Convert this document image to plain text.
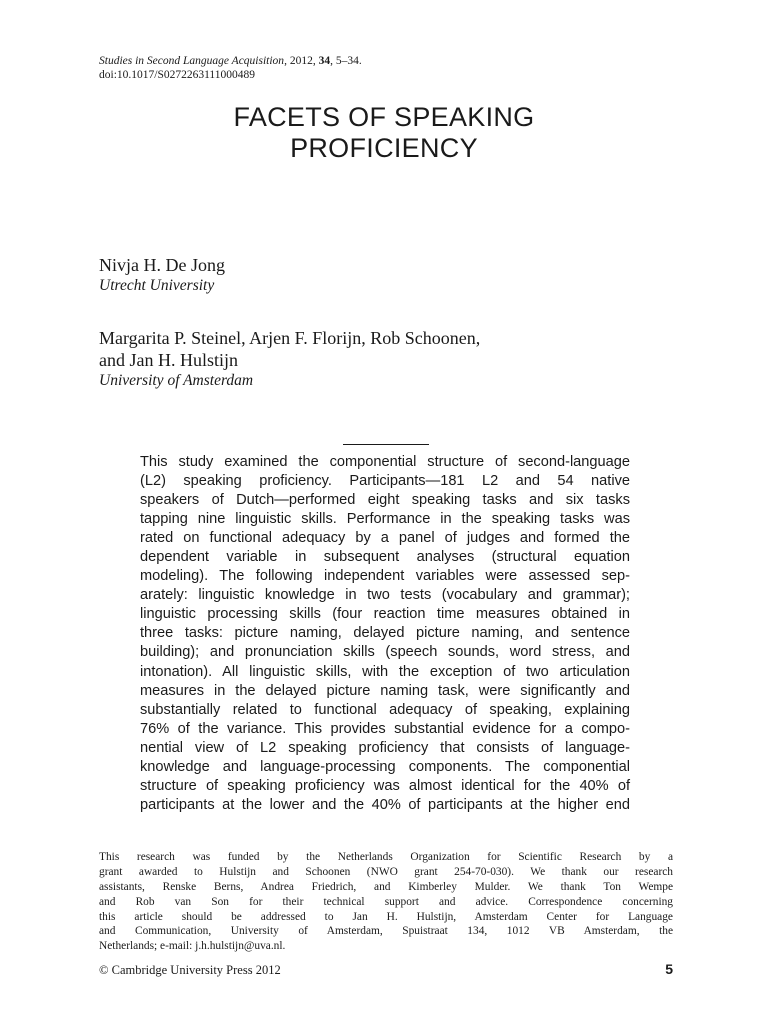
Studies in Second Language Acquisition, 2012, 34, 5–34.
doi:10.1017/S0272263111000489
FACETS OF SPEAKING
PROFICIENCY
Nivja H. De Jong
Utrecht University
Margarita P. Steinel, Arjen F. Florijn, Rob Schoonen,
and Jan H. Hulstijn
University of Amsterdam
This study examined the componential structure of second-language
(L2) speaking proficiency. Participants—181 L2 and 54 native
speakers of Dutch—performed eight speaking tasks and six tasks
tapping nine linguistic skills. Performance in the speaking tasks was
rated on functional adequacy by a panel of judges and formed the
dependent variable in subsequent analyses (structural equation
modeling). The following independent variables were assessed sep-
arately: linguistic knowledge in two tests (vocabulary and grammar);
linguistic processing skills (four reaction time measures obtained in
three tasks: picture naming, delayed picture naming, and sentence
building); and pronunciation skills (speech sounds, word stress, and
intonation). All linguistic skills, with the exception of two articulation
measures in the delayed picture naming task, were significantly and
substantially related to functional adequacy of speaking, explaining
76% of the variance. This provides substantial evidence for a compo-
nential view of L2 speaking proficiency that consists of language-
knowledge and language-processing components. The componential
structure of speaking proficiency was almost identical for the 40% of
participants at the lower and the 40% of participants at the higher end
This research was funded by the Netherlands Organization for Scientific Research by a
grant awarded to Hulstijn and Schoonen (NWO grant 254-70-030). We thank our research
assistants, Renske Berns, Andrea Friedrich, and Kimberley Mulder. We thank Ton Wempe
and Rob van Son for their technical support and advice. Correspondence concerning
this article should be addressed to Jan H. Hulstijn, Amsterdam Center for Language
and Communication, University of Amsterdam, Spuistraat 134, 1012 VB Amsterdam, the
Netherlands; e-mail: j.h.hulstijn@uva.nl.
© Cambridge University Press 2012	5
